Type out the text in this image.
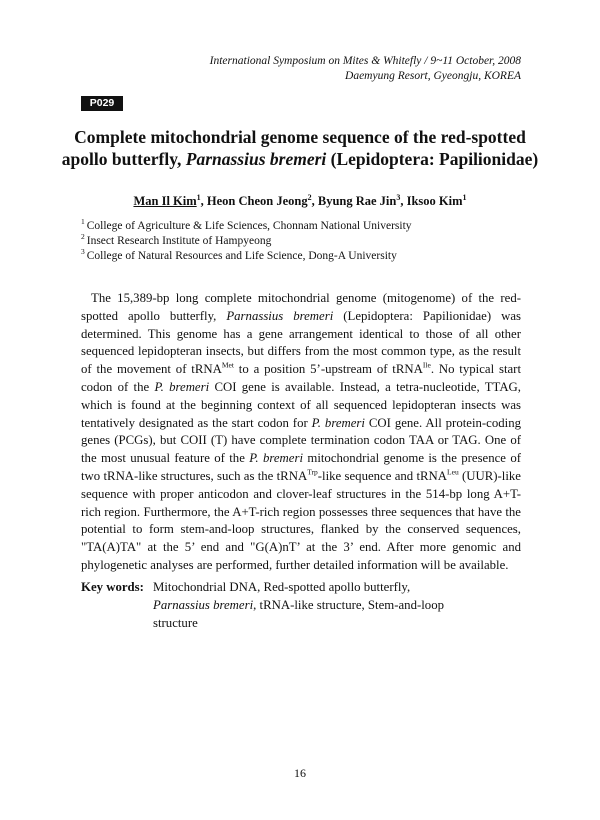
International Symposium on Mites & Whitefly / 9~11 October, 2008
Daemyung Resort, Gyeongju, KOREA
P029
Complete mitochondrial genome sequence of the red-spotted
apollo butterfly, Parnassius bremeri (Lepidoptera: Papilionidae)
Man Il Kim$^1$, Heon Cheon Jeong$^2$, Byung Rae Jin$^3$, Iksoo Kim$^1$
$^1$ College of Agriculture & Life Sciences, Chonnam National University
$^2$ Insect Research Institute of Hampyeong
$^3$ College of Natural Resources and Life Science, Dong-A University

The 15,389-bp long complete mitochondrial genome (mitogenome) of the red-spotted apollo butterfly, Parnassius bremeri (Lepidoptera: Papilionidae) was determined. This genome has a gene arrangement identical to those of all other sequenced lepidopteran insects, but differs from the most common type, as the result of the movement of tRNA$^{Met}$ to a position 5’-upstream of tRNA$^{Ile}$. No typical start codon of the P. bremeri COI gene is available. Instead, a tetra-nucleotide, TTAG, which is found at the beginning context of all sequenced lepidopteran insects was tentatively designated as the start codon for P. bremeri COI gene. All protein-coding genes (PCGs), but COII (T) have complete termination codon TAA or TAG. One of the most unusual feature of the P. bremeri mitochondrial genome is the presence of two tRNA-like structures, such as the tRNA$^{Trp}$-like sequence and tRNA$^{Leu}$ (UUR)-like sequence with proper anticodon and clover-leaf structures in the 514-bp long A+T-rich region. Furthermore, the A+T-rich region possesses three sequences that have the potential to form stem-and-loop structures, flanked by the conserved sequences, "TA(A)TA" at the 5’ end and "G(A)nT’ at the 3’ end. After more genomic and phylogenetic analyses are performed, further detailed information will be available.

Key words: Mitochondrial DNA, Red-spotted apollo butterfly, Parnassius bremeri, tRNA-like structure, Stem-and-loop structure
16
